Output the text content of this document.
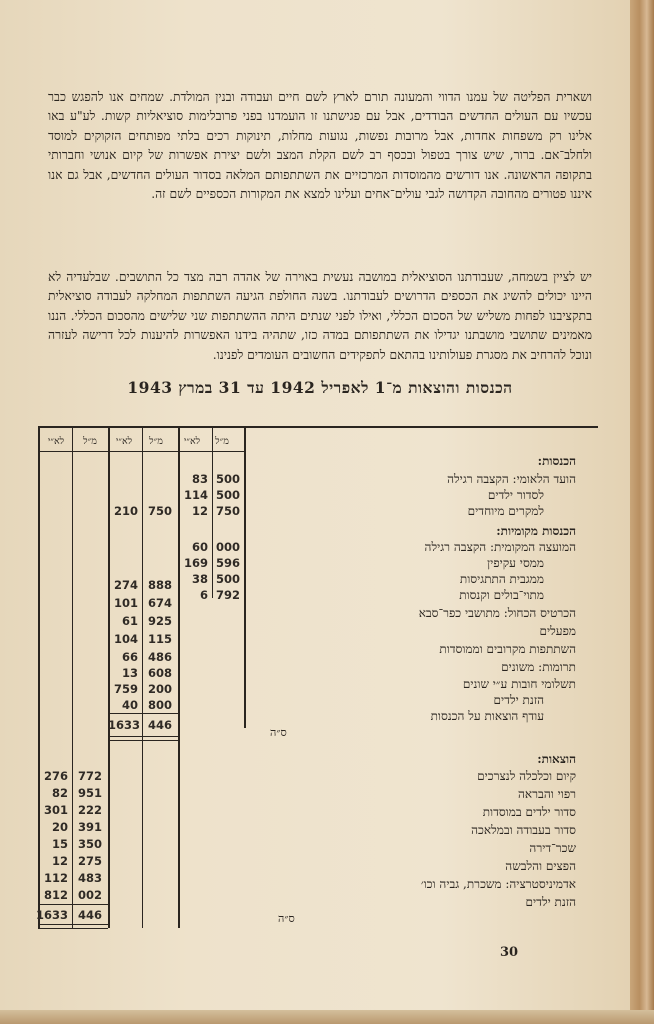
ושארית הפליטה של עמנו הדווי והמעונה תורם לארץ לשם חיים ועבודה ובנין המולדת. שמחים אנו להפגש כבר עכשיו עם העולים החדשים הבודדים, אבל עם פגישתנו זו הועמדנו בפני פרובלימות סוציאליות קשות. לע"ע באו אלינו רק משפחות אחדות, אבל מרובות נפשות, נגועות מחלות, תינוקות רכים בלתי מפותחים הזקוקים למוסד ולחלב־אם. ברור, שיש צורך בטפול ובכסף רב לשם הקלת המצב ולשם יצירת אפשרות של קיום אנושי וחברותי בתקופה הראשונה. אנו דורשים מהמוסדות המרכזיים את השתתפותם המלאה בסדור העולים החדשים, אבל גם אנו איננו פטורים מהחובה הקדושה לגבי עולים־אחים ועלינו למצא את המקורות הכספיים לשם זה.
יש לציין בשמחה, שעבודתנו הסוציאלית במושבה נעשית באוירה של אהדה רבה מצד כל התושבים. שבלעדיה לא היינו יכולים להשיג את הכספים הדרושים לעבודתנו. בשנה החולפת הגיעה השתתפות המחלקה לעבודה סוציאלית בתקציבנו לפחות משליש של הסכום הכללי, ואילו לפני שנתים היתה ההשתתפות שני שלישים מהסכום הכללי. הננו מאמינים שתושבי מושבתנו יגדילו את השתתפותם במדה כזו, שתהיה בידנו האפשרות להיענות לכל דרישה לעזרה ונוכל להרחיב את מסגרת פעולותינו בהתאם לתפקידים החשובים העומדים לפנינו.
הכנסות והוצאות מ־1 לאפריל 1942 עד 31 במרץ 1943
מ״ל
לא״י
מ״ל
לא״י
מ״ל
לא״י
הכנסות:
הועד הלאומי: הקצבה רגילה
83 500
לסדור ילדים
114 500
למקרים מיוחדים
12 750
210 750
הכנסות מקומיות:
המועצה המקומית: הקצבה רגילה
60 000
ממסי עקיפין
169 596
ממגבית התתגיסות
38 500
מתוי־בולים וקנסות
6 792
הכרטיס הכחול: מתושבי כפר־סבא
מפעלים
השתתפות מקרובים וממוסדות
תרומות: משונים
תשלומי חובות ע״י שונים
הזנת ילדים
עודף הוצאות על הכנסות
274 888
101 674
61 925
104 115
66 486
13 608
759 200
40 800
1633 446
ס״ה
הוצאות:
קיום וכלכלה לנצרכים
רפוי והבראה
סדור ילדים במוסדות
סדור בעבודה ובמלאכה
שכר־דירה
הפצים והלבשה
אדמיניסטרציה: משכרת, גביה וכו׳
הזנת ילדים
276 772
82 951
301 222
20 391
15 350
12 275
112 483
812 002
1633 446	ס״ה
30
